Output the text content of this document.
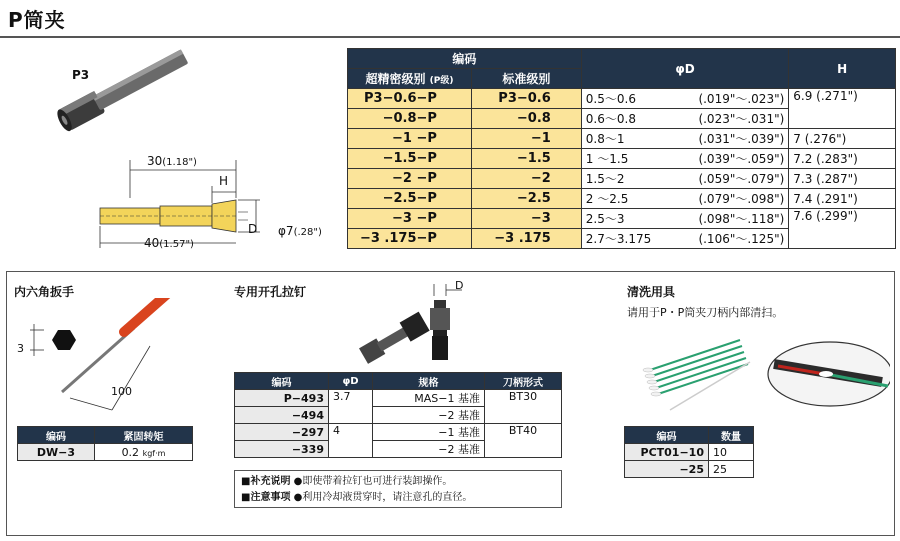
P筒夹
P3
30(1.18")
H
D φ7(.28")
40(1.57")
编码		φD	H
超精密级别 (P级)	标准级别		
P3−0.6−P	P3−0.6	0.5～0.6 (.019"～.023")	6.9 (.271")
−0.8−P	−0.8	0.6～0.8 (.023"～.031")	

−1 −P	−1	0.8～1 (.031"～.039")	7 (.276")
−1.5−P	−1.5	1 ～1.5 (.039"～.059")	7.2 (.283")
−2 −P	−2	1.5～2 (.059"～.079")	7.3 (.287")
−2.5−P	−2.5	2 ～2.5 (.079"～.098")	7.4 (.291")
−3 −P	−3	2.5～3 (.098"～.118")	7.6 (.299")
−3 .175−P	−3 .175	2.7～3.175 (.106"～.125")	
内六角扳手
3
100
编码	紧固转矩
DW−3	0.2 kgf·m
专用开孔拉钉	D
编码	φD	规格	刀柄形式
P−493	3.7	MAS−1 基准	BT30
−494		−2 基准	
−297	4	−1 基准	BT40
−339		−2 基准	
■补充说明 ●即使带着拉钉也可进行装卸操作。
■注意事项 ●利用冷却液贯穿时，请注意孔的直径。
清洗用具
请用于P・P筒夹刀柄内部清扫。
编码	数量
PCT01−10	10
−25	25
